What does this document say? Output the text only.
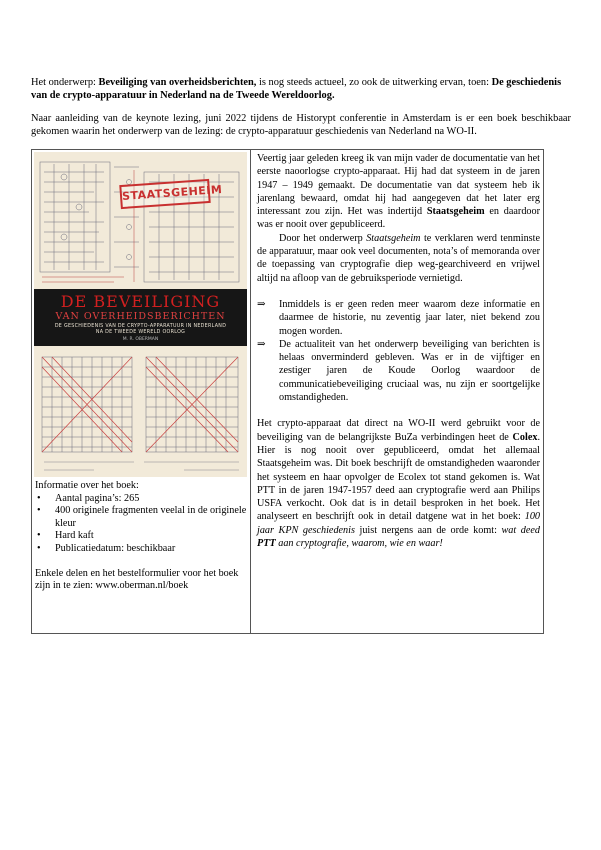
Het onderwerp: Beveiliging van overheidsberichten, is nog steeds actueel, zo ook de uitwerking ervan, toen: De geschiedenis van de crypto-apparatuur in Nederland na de Tweede Wereldoorlog.
Naar aanleiding van de keynote lezing, juni 2022 tijdens de Historypt conferentie in Amsterdam is er een boek beschikbaar gekomen waarin het onderwerp van de lezing: de crypto-apparatuur geschiedenis van Nederland na WO-II.
STAATSGEHEIM
DE BEVEILIGING
VAN OVERHEIDSBERICHTEN
DE GESCHIEDENIS VAN DE CRYPTO-APPARATUUR IN NEDERLAND
NA DE TWEEDE WERELD OORLOG
M. R. OBERMAN
Informatie over het boek:
• Aantal pagina’s: 265
• 400 originele fragmenten veelal in de originele kleur
• Hard kaft
• Publicatiedatum: beschikbaar
Enkele delen en het bestelformulier voor het boek zijn in te zien: www.oberman.nl/boek

Veertig jaar geleden kreeg ik van mijn vader de documentatie van het eerste naoorlogse crypto-apparaat. Hij had dat systeem in de jaren 1947 – 1949 gemaakt. De documentatie van dat systeem heb ik jarenlang bewaard, omdat hij had aangegeven dat het later erg interessant zou zijn. Het was indertijd Staatsgeheim en daardoor was er nooit over gepubliceerd.

Door het onderwerp Staatsgeheim te verklaren werd tenminste de apparatuur, maar ook veel documenten, nota’s of memoranda over de toepassing van cryptografie diep weg-gearchiveerd en vrijwel altijd na afloop van de gebruiksperiode vernietigd.

⇒ Inmiddels is er geen reden meer waarom deze informatie en daarmee de historie, nu zeventig jaar later, niet bekend zou mogen worden.

⇒ De actualiteit van het onderwerp beveiliging van berichten is helaas onverminderd gebleven. Was er in de vijftiger en zestiger jaren de Koude Oorlog waardoor de communicatiebeveiliging cruciaal was, nu zijn er soortgelijke omstandigheden.

Het crypto-apparaat dat direct na WO-II werd gebruikt voor de beveiliging van de belangrijkste BuZa verbindingen heet de Colex. Hier is nog nooit over gepubliceerd, omdat het allemaal Staatsgeheim was. Dit boek beschrijft de omstandigheden waaronder het systeem en haar opvolger de Ecolex tot stand gekomen is. Wat PTT in de jaren 1947-1957 deed aan cryptografie werd aan Philips USFA verkocht. Ook dat is in detail besproken in het boek. Het analyseert en beschrijft ook in detail datgene wat in het boek: 100 jaar KPN geschiedenis juist nergens aan de orde komt: wat deed PTT aan cryptografie, waarom, wie en waar!
